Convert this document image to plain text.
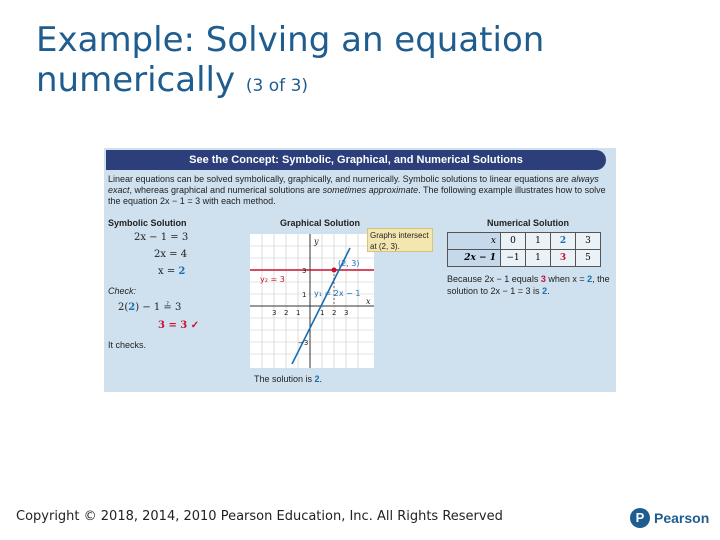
Example: Solving an equation numerically (3 of 3)
See the Concept: Symbolic, Graphical, and Numerical Solutions
Linear equations can be solved symbolically, graphically, and numerically. Symbolic solutions to linear equations are always exact, whereas graphical and numerical solutions are sometimes approximate. The following example illustrates how to solve the equation 2x − 1 = 3 with each method.
Symbolic Solution
2x − 1 = 3
2x = 4
x = 2
Check:
2(2) − 1 ≟ 3
3 = 3 ✓
It checks.
Graphical Solution
(2, 3)
y₂ = 3
y₁ = 2x − 1
y
x
3
1
−3
3 2 1	1 2 3
Graphs intersect at (2, 3).
The solution is 2.
Numerical Solution
x	0	1	2	3
2x − 1	−1	1	3	5
Because 2x − 1 equals 3 when x = 2, the solution to 2x − 1 = 3 is 2.
Copyright © 2018, 2014, 2010 Pearson Education, Inc. All Rights Reserved	P Pearson
